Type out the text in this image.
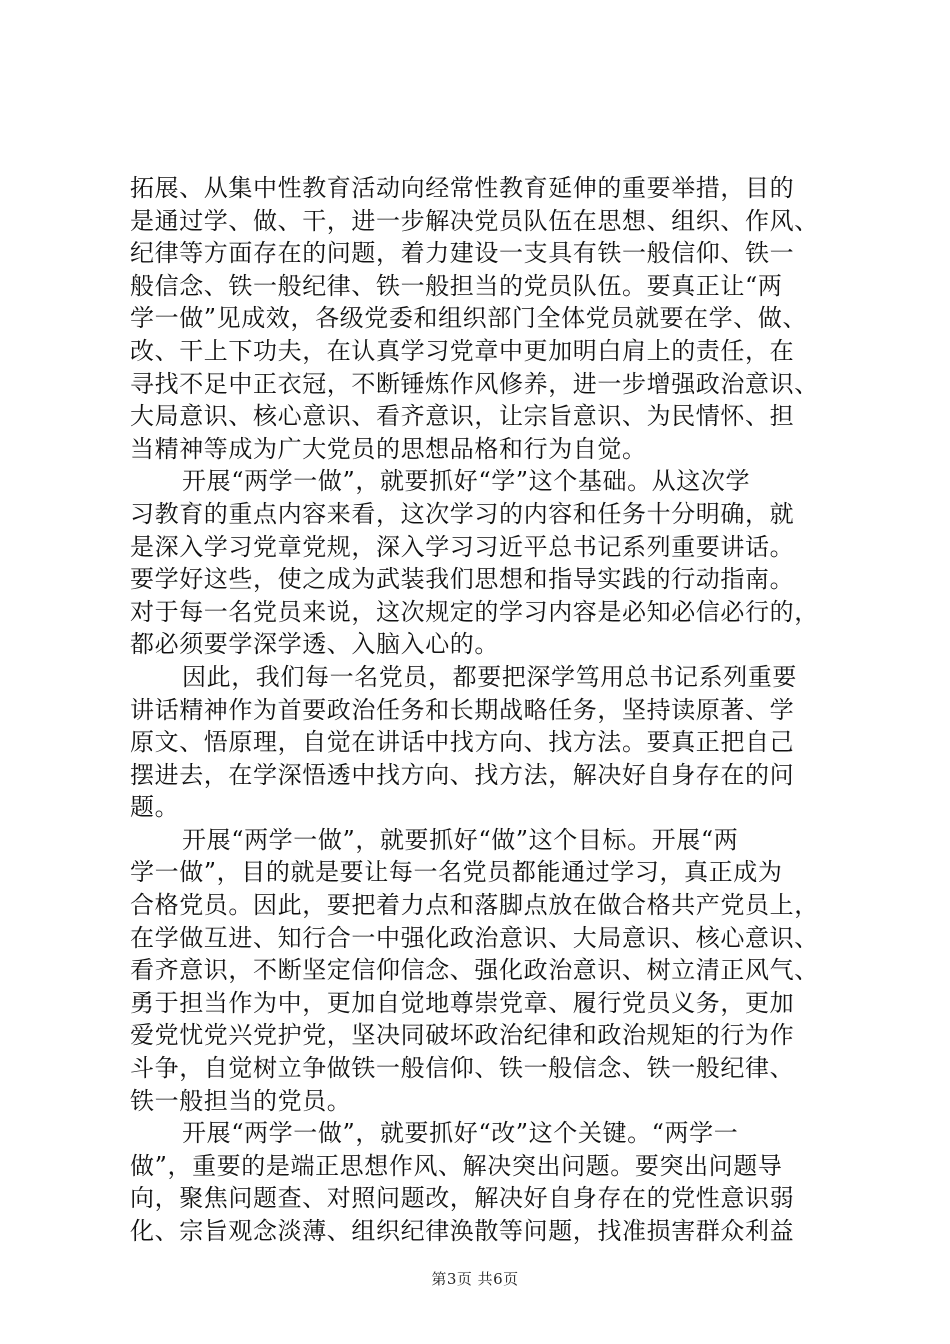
拓展、从集中性教育活动向经常性教育延伸的重要举措，目的
是通过学、做、干，进一步解决党员队伍在思想、组织、作风、
纪律等方面存在的问题，着力建设一支具有铁一般信仰、铁一
般信念、铁一般纪律、铁一般担当的党员队伍。要真正让“两
学一做”见成效，各级党委和组织部门全体党员就要在学、做、
改、干上下功夫，在认真学习党章中更加明白肩上的责任，在
寻找不足中正衣冠，不断锤炼作风修养，进一步增强政治意识、
大局意识、核心意识、看齐意识，让宗旨意识、为民情怀、担
当精神等成为广大党员的思想品格和行为自觉。
开展“两学一做”，就要抓好“学”这个基础。从这次学
习教育的重点内容来看，这次学习的内容和任务十分明确，就
是深入学习党章党规，深入学习习近平总书记系列重要讲话。
要学好这些，使之成为武装我们思想和指导实践的行动指南。
对于每一名党员来说，这次规定的学习内容是必知必信必行的，
都必须要学深学透、入脑入心的。
因此，我们每一名党员，都要把深学笃用总书记系列重要
讲话精神作为首要政治任务和长期战略任务，坚持读原著、学
原文、悟原理，自觉在讲话中找方向、找方法。要真正把自己
摆进去，在学深悟透中找方向、找方法，解决好自身存在的问
题。
开展“两学一做”，就要抓好“做”这个目标。开展“两
学一做”，目的就是要让每一名党员都能通过学习，真正成为
合格党员。因此，要把着力点和落脚点放在做合格共产党员上，
在学做互进、知行合一中强化政治意识、大局意识、核心意识、
看齐意识，不断坚定信仰信念、强化政治意识、树立清正风气、
勇于担当作为中，更加自觉地尊崇党章、履行党员义务，更加
爱党忧党兴党护党，坚决同破坏政治纪律和政治规矩的行为作
斗争，自觉树立争做铁一般信仰、铁一般信念、铁一般纪律、
铁一般担当的党员。
开展“两学一做”，就要抓好“改”这个关键。“两学一
做”，重要的是端正思想作风、解决突出问题。要突出问题导
向，聚焦问题查、对照问题改，解决好自身存在的党性意识弱
化、宗旨观念淡薄、组织纪律涣散等问题，找准损害群众利益
第3页 共6页
